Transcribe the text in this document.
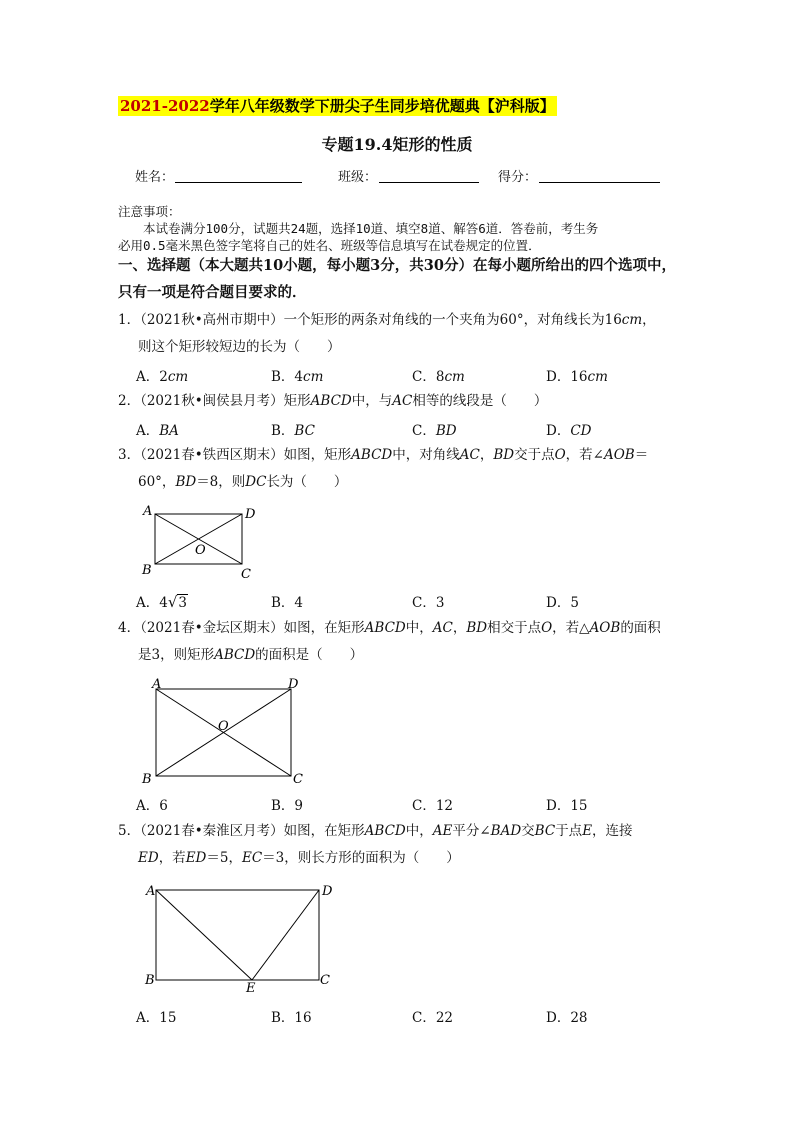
2021-2022学年八年级数学下册尖子生同步培优题典【沪科版】
专题19.4矩形的性质
姓名：	班级：	得分：

注意事项：

本试卷满分100分，试题共24题，选择10道、填空8道、解答6道．答卷前，考生务

必用0.5毫米黑色签字笔将自己的姓名、班级等信息填写在试卷规定的位置．

一、选择题（本大题共10小题，每小题3分，共30分）在每小题所给出的四个选项中，
只有一项是符合题目要求的．

1．（2021秋•高州市期中）一个矩形的两条对角线的一个夹角为60°，对角线长为16cm，

则这个矩形较短边的长为（　　）

A．2cm	B．4cm	C．8cm	D．16cm

2．（2021秋•闽侯县月考）矩形ABCD中，与AC相等的线段是（　　）

A．BA	B．BC	C．BD	D．CD

3．（2021春•铁西区期末）如图，矩形ABCD中，对角线AC，BD交于点O，若∠AOB＝

60°，BD＝8，则DC长为（　　）

A	D
B	C
O
A．4√3	B．4	C．3	D．5

4．（2021春•金坛区期末）如图，在矩形ABCD中，AC，BD相交于点O，若△AOB的面积

是3，则矩形ABCD的面积是（　　）

A	D
B	C
O
A．6	B．9	C．12	D．15

5．（2021春•秦淮区月考）如图，在矩形ABCD中，AE平分∠BAD交BC于点E，连接

ED，若ED＝5，EC＝3，则长方形的面积为（　　）

A	D
B	C
E
A．15	B．16	C．22	D．28
